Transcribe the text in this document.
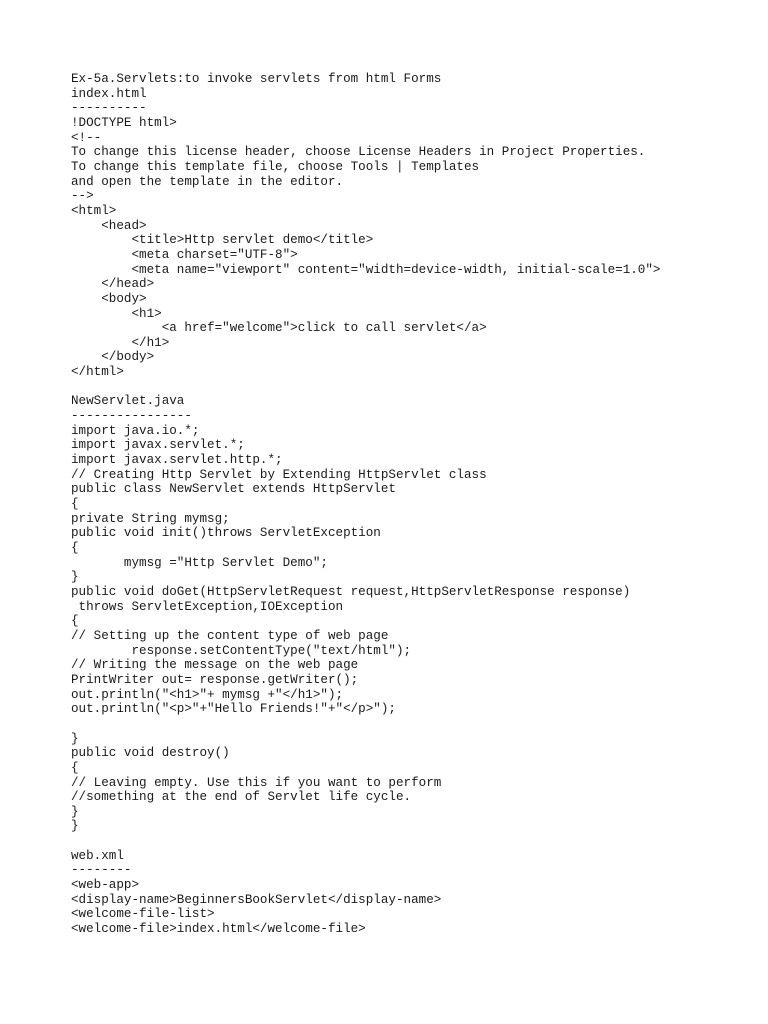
Ex-5a.Servlets:to invoke servlets from html Forms
index.html
----------
!DOCTYPE html>
<!--
To change this license header, choose License Headers in Project Properties.
To change this template file, choose Tools | Templates
and open the template in the editor.
-->
<html>
<head>
<title>Http servlet demo</title>
<meta charset="UTF-8">
<meta name="viewport" content="width=device-width, initial-scale=1.0">
</head>
<body>
<h1>
<a href="welcome">click to call servlet</a>
</h1>
</body>
</html>
NewServlet.java
----------------
import java.io.*;
import javax.servlet.*;
import javax.servlet.http.*;
// Creating Http Servlet by Extending HttpServlet class
public class NewServlet extends HttpServlet
{
private String mymsg;
public void init()throws ServletException
{
mymsg ="Http Servlet Demo";
}
public void doGet(HttpServletRequest request,HttpServletResponse response)
throws ServletException,IOException
{
// Setting up the content type of web page
response.setContentType("text/html");
// Writing the message on the web page
PrintWriter out= response.getWriter();
out.println("<h1>"+ mymsg +"</h1>");
out.println("<p>"+"Hello Friends!"+"</p>");
}
public void destroy()
{
// Leaving empty. Use this if you want to perform
//something at the end of Servlet life cycle.
}
}
web.xml
--------
<web-app>
<display-name>BeginnersBookServlet</display-name>
<welcome-file-list>
<welcome-file>index.html</welcome-file>
